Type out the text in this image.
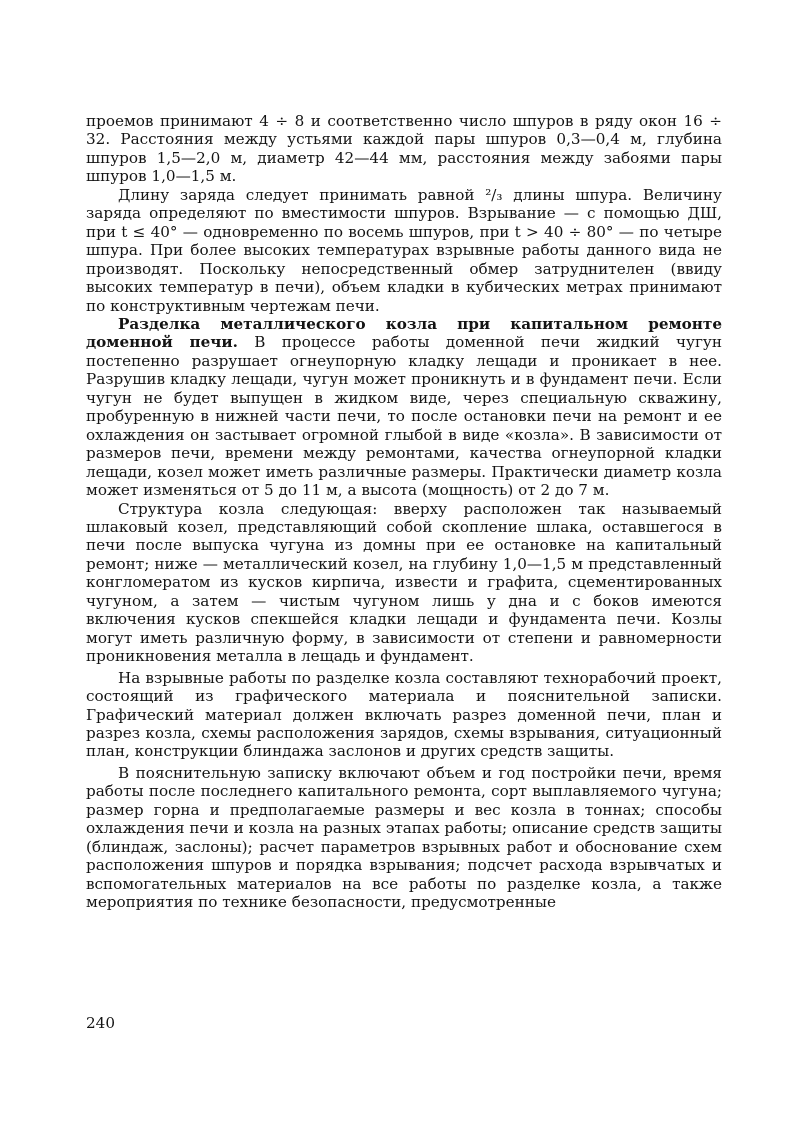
проемов принимают 4 ÷ 8 и соответственно число шпуров в ряду окон 16 ÷ 32. Расстояния между устьями каждой пары шпуров 0,3—0,4 м, глубина шпуров 1,5—2,0 м, диаметр 42—44 мм, расстояния между забоями пары шпуров 1,0—1,5 м.

Длину заряда следует принимать равной ²/₃ длины шпура. Величину заряда определяют по вместимости шпуров. Взрывание — с помощью ДШ, при t ≤ 40° — одновременно по восемь шпуров, при t > 40 ÷ 80° — по четыре шпура. При более высоких температурах взрывные работы данного вида не производят. Поскольку непосредственный обмер затруднителен (ввиду высоких температур в печи), объем кладки в кубических метрах принимают по конструктивным чертежам печи.

Разделка металлического козла при капитальном ремонте доменной печи. В процессе работы доменной печи жидкий чугун постепенно разрушает огнеупорную кладку лещади и проникает в нее. Разрушив кладку лещади, чугун может проникнуть и в фундамент печи. Если чугун не будет выпущен в жидком виде, через специальную скважину, пробуренную в нижней части печи, то после остановки печи на ремонт и ее охлаждения он застывает огромной глыбой в виде «козла». В зависимости от размеров печи, времени между ремонтами, качества огнеупорной кладки лещади, козел может иметь различные размеры. Практически диаметр козла может изменяться от 5 до 11 м, а высота (мощность) от 2 до 7 м.

Структура козла следующая: вверху расположен так называемый шлаковый козел, представляющий собой скопление шлака, оставшегося в печи после выпуска чугуна из домны при ее остановке на капитальный ремонт; ниже — металлический козел, на глубину 1,0—1,5 м представленный конгломератом из кусков кирпича, извести и графита, сцементированных чугуном, а затем — чистым чугуном лишь у дна и с боков имеются включения кусков спекшейся кладки лещади и фундамента печи. Козлы могут иметь различную форму, в зависимости от степени и равномерности проникновения металла в лещадь и фундамент.

На взрывные работы по разделке козла составляют технорабочий проект, состоящий из графического материала и пояснительной записки. Графический материал должен включать разрез доменной печи, план и разрез козла, схемы расположения зарядов, схемы взрывания, ситуационный план, конструкции блиндажа заслонов и других средств защиты.

В пояснительную записку включают объем и год постройки печи, время работы после последнего капитального ремонта, сорт выплавляемого чугуна; размер горна и предполагаемые размеры и вес козла в тоннах; способы охлаждения печи и козла на разных этапах работы; описание средств защиты (блиндаж, заслоны); расчет параметров взрывных работ и обоснование схем расположения шпуров и порядка взрывания; подсчет расхода взрывчатых и вспомогательных материалов на все работы по разделке козла, а также мероприятия по технике безопасности, предусмотренные

240
